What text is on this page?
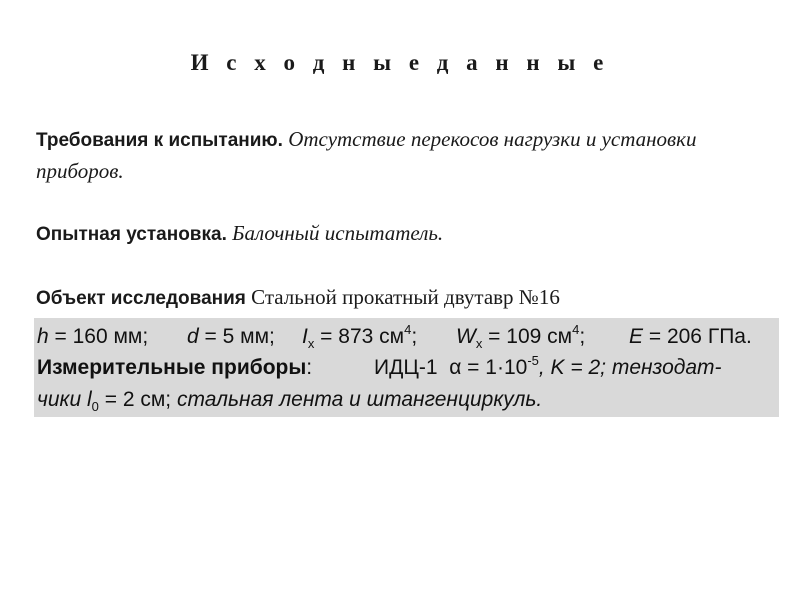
И с х о д н ы е д а н н ы е
Требования к испытанию. Отсутствие перекосов нагрузки и установки приборов.
Опытная установка. Балочный испытатель.
Объект исследования Стальной прокатный двутавр №16
h = 160 мм; d = 5 мм; $I_x = 873$ $см^4$; $W_x = 109$ $см^4$; E = 206 ГПа.
Измерительные приборы:	ИДЦ-1 $\alpha = 1\cdot 10^{-5}$, K = 2; тензодат-
чики $l_0 = 2$ см; стальная лента и штангенциркуль.
